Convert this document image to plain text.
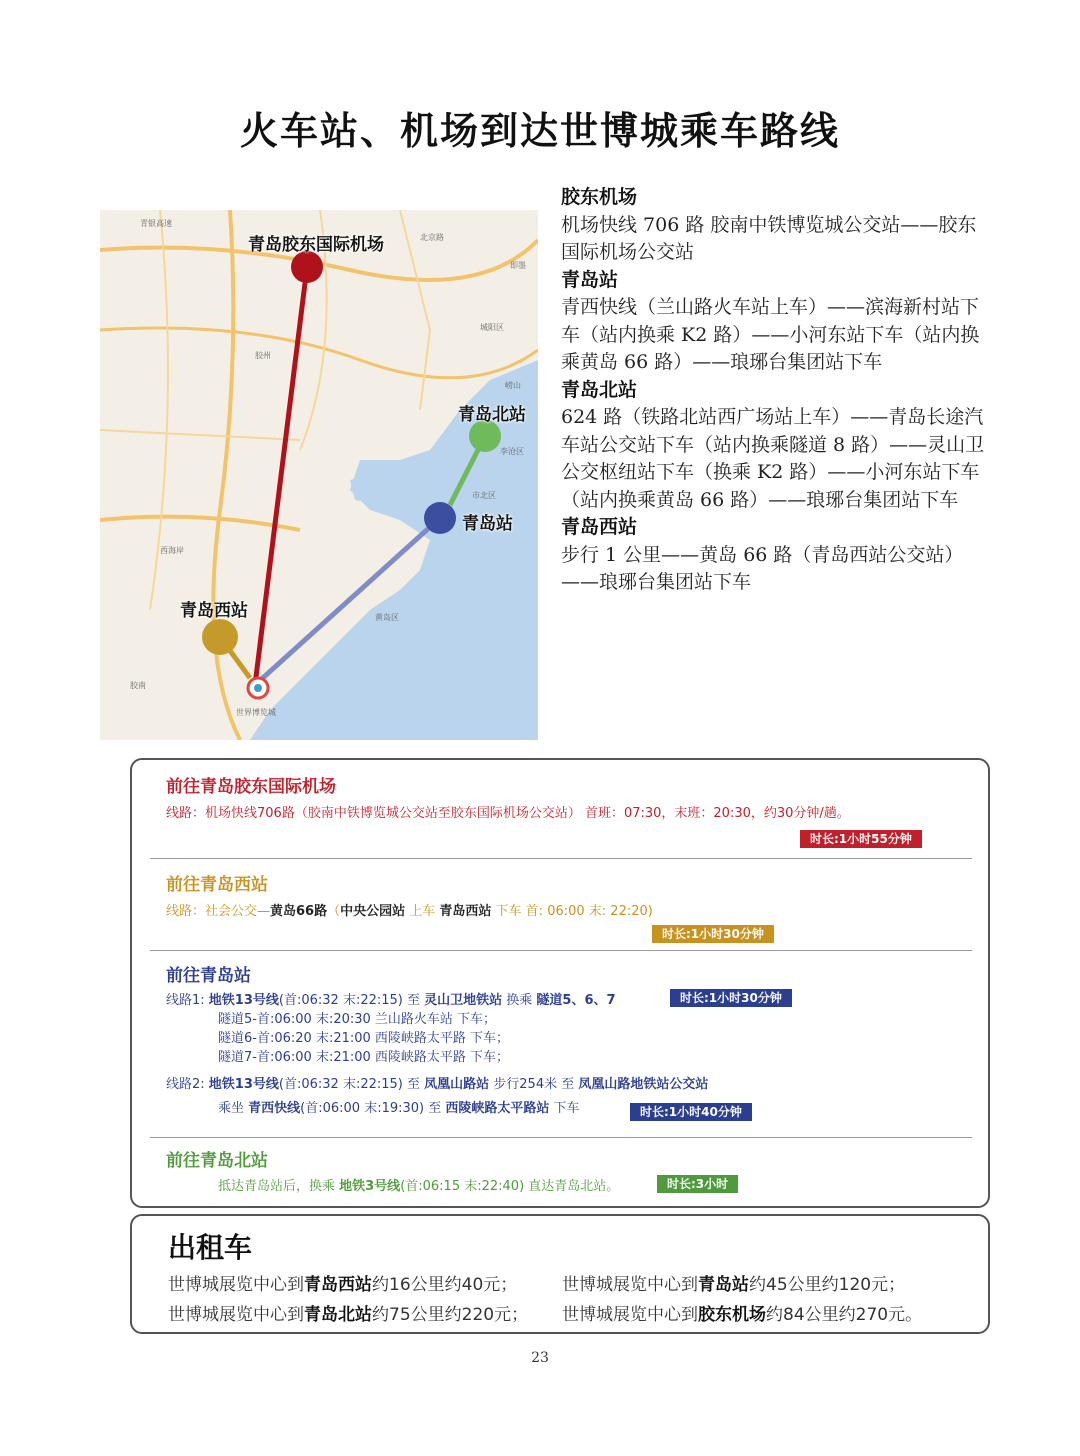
火车站、机场到达世博城乘车路线
青岛胶东国际机场
青岛北站
青岛站
青岛西站
世界博览城
青银高速
北京路
胶州
城阳区
崂山
市北区
李沧区
黄岛区
西海岸
胶南
即墨
胶东机场
机场快线 706 路 胶南中铁博览城公交站——胶东国际机场公交站
青岛站
青西快线（兰山路火车站上车）——滨海新村站下车（站内换乘 K2 路）——小河东站下车（站内换乘黄岛 66 路）——琅琊台集团站下车
青岛北站
624 路（铁路北站西广场站上车）——青岛长途汽车站公交站下车（站内换乘隧道 8 路）——灵山卫公交枢纽站下车（换乘 K2 路）——小河东站下车（站内换乘黄岛 66 路）——琅琊台集团站下车
青岛西站
步行 1 公里——黄岛 66 路（青岛西站公交站）——琅琊台集团站下车
前往青岛胶东国际机场
线路：机场快线706路（胶南中铁博览城公交站至胶东国际机场公交站） 首班：07:30，末班：20:30，约30分钟/趟。
时长:1小时55分钟
前往青岛西站
线路：社会公交—黄岛66路（中央公园站 上车 青岛西站 下车 首: 06:00 末: 22:20)
时长:1小时30分钟
前往青岛站
线路1: 地铁13号线(首:06:32 末:22:15) 至 灵山卫地铁站 换乘 隧道5、6、7	时长:1小时30分钟
隧道5-首:06:00 末:20:30 兰山路火车站 下车；
隧道6-首:06:20 末:21:00 西陵峡路太平路 下车；
隧道7-首:06:00 末:21:00 西陵峡路太平路 下车；
线路2: 地铁13号线(首:06:32 末:22:15) 至 凤凰山路站 步行254米 至 凤凰山路地铁站公交站
乘坐 青西快线(首:06:00 末:19:30) 至 西陵峡路太平路站 下车	时长:1小时40分钟
前往青岛北站
抵达青岛站后，换乘 地铁3号线(首:06:15 末:22:40) 直达青岛北站。	时长:3小时
出租车
世博城展览中心到青岛西站约16公里约40元；	世博城展览中心到青岛站约45公里约120元；
世博城展览中心到青岛北站约75公里约220元； 世博城展览中心到胶东机场约84公里约270元。
23
